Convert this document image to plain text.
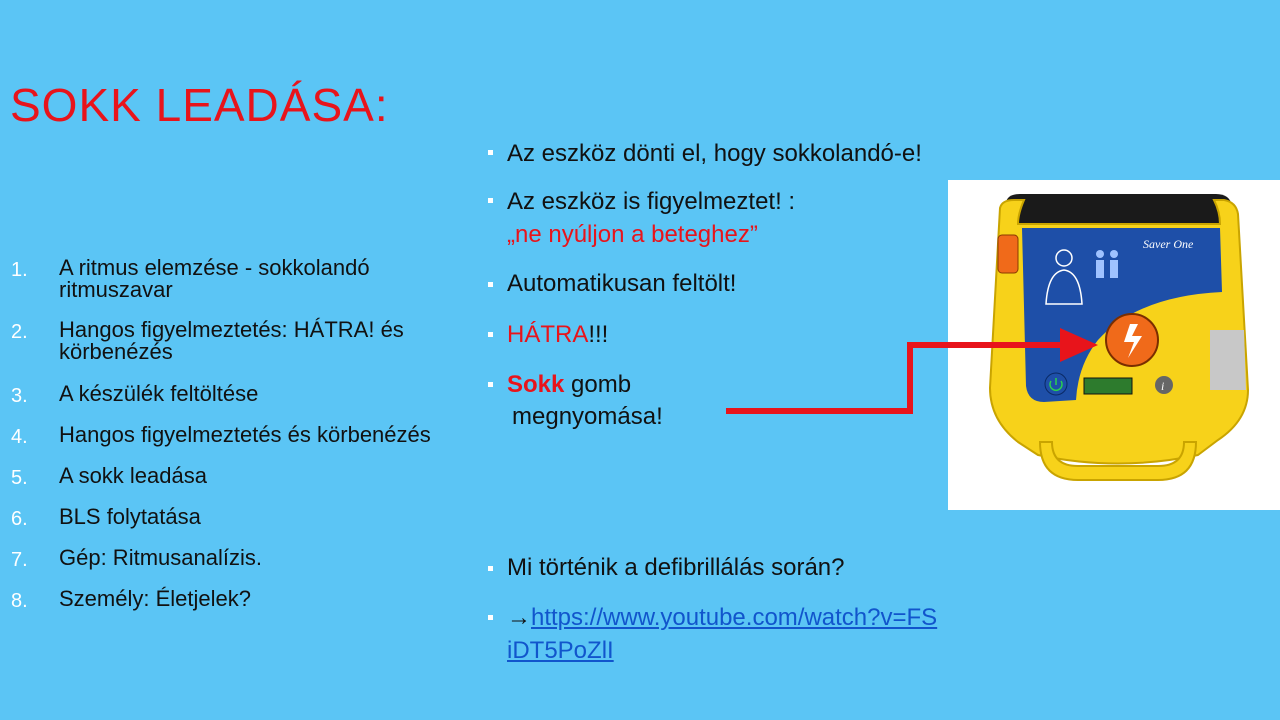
SOKK LEADÁSA:
1. A ritmus elemzése - sokkolandó ritmuszavar
2. Hangos figyelmeztetés: HÁTRA! és körbenézés
3. A készülék feltöltése
4. Hangos figyelmeztetés és körbenézés
5. A sokk leadása
6. BLS folytatása
7. Gép: Ritmusanalízis.
8. Személy: Életjelek?
Az eszköz dönti el, hogy sokkolandó-e!
Az eszköz is figyelmeztet! :
„ne nyúljon a beteghez”
Automatikusan feltölt!
HÁTRA!!!
Sokk gomb
megnyomása!
Mi történik a defibrillálás során?
→https://www.youtube.com/watch?v=FS
iDT5PoZlI
Saver One
i
